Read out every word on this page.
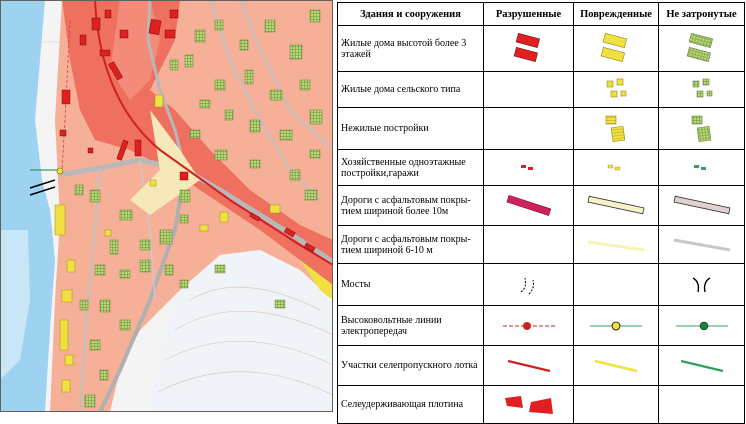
Здания и сооружения	Разрушенные	Поврежденные	Не затронутые
Жилые дома высотой более 3 этажей	

Жилые дома сельского типа		

Нежилые постройки		

Хозяйственные одноэтажные постройки,гаражи	

Дороги с асфальтовым покры-тием шириной более 10м	

Дороги с асфальтовым покры-тием шириной 6-10 м		

Мосты	

Высоковольтные линии электропередач	

Участки селепропускного лотка	

Селеудерживающая плотина	
